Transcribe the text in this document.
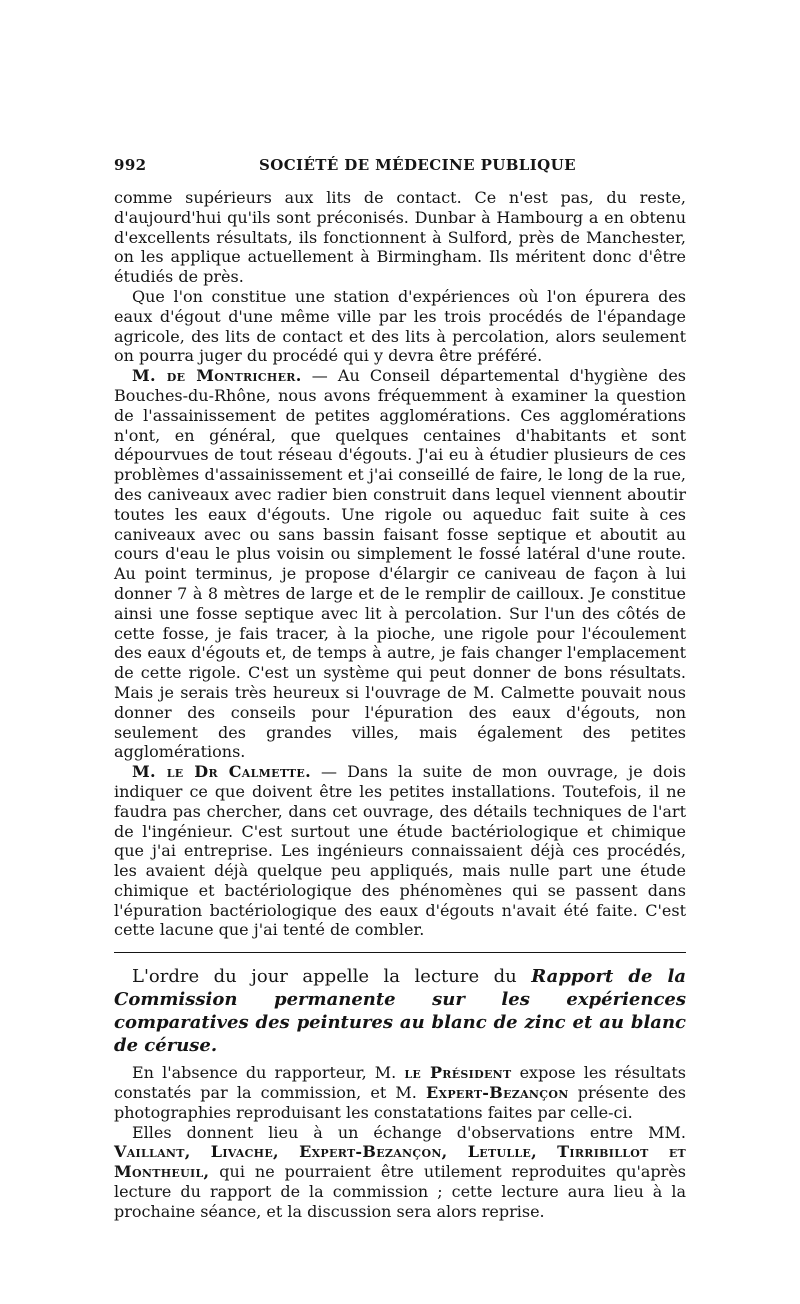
992	SOCIÉTÉ DE MÉDECINE PUBLIQUE

comme supérieurs aux lits de contact. Ce n'est pas, du reste, d'aujourd'hui qu'ils sont préconisés. Dunbar à Hambourg a en obtenu d'excellents résultats, ils fonctionnent à Sulford, près de Manchester, on les applique actuellement à Birmingham. Ils méritent donc d'être étudiés de près.

Que l'on constitue une station d'expériences où l'on épurera des eaux d'égout d'une même ville par les trois procédés de l'épandage agricole, des lits de contact et des lits à percolation, alors seulement on pourra juger du procédé qui y devra être préféré.

M. de Montricher. — Au Conseil départemental d'hygiène des Bouches-du-Rhône, nous avons fréquemment à examiner la question de l'assainissement de petites agglomérations. Ces agglomérations n'ont, en général, que quelques centaines d'habitants et sont dépourvues de tout réseau d'égouts. J'ai eu à étudier plusieurs de ces problèmes d'assainissement et j'ai conseillé de faire, le long de la rue, des caniveaux avec radier bien construit dans lequel viennent aboutir toutes les eaux d'égouts. Une rigole ou aqueduc fait suite à ces caniveaux avec ou sans bassin faisant fosse septique et aboutit au cours d'eau le plus voisin ou simplement le fossé latéral d'une route. Au point terminus, je propose d'élargir ce caniveau de façon à lui donner 7 à 8 mètres de large et de le remplir de cailloux. Je constitue ainsi une fosse septique avec lit à percolation. Sur l'un des côtés de cette fosse, je fais tracer, à la pioche, une rigole pour l'écoulement des eaux d'égouts et, de temps à autre, je fais changer l'emplacement de cette rigole. C'est un système qui peut donner de bons résultats. Mais je serais très heureux si l'ouvrage de M. Calmette pouvait nous donner des conseils pour l'épuration des eaux d'égouts, non seulement des grandes villes, mais également des petites agglomérations.

M. le Dr Calmette. — Dans la suite de mon ouvrage, je dois indiquer ce que doivent être les petites installations. Toutefois, il ne faudra pas chercher, dans cet ouvrage, des détails techniques de l'art de l'ingénieur. C'est surtout une étude bactériologique et chimique que j'ai entreprise. Les ingénieurs connaissaient déjà ces procédés, les avaient déjà quelque peu appliqués, mais nulle part une étude chimique et bactériologique des phénomènes qui se passent dans l'épuration bactériologique des eaux d'égouts n'avait été faite. C'est cette lacune que j'ai tenté de combler.

L'ordre du jour appelle la lecture du Rapport de la Commission permanente sur les expériences comparatives des peintures au blanc de zinc et au blanc de céruse.

En l'absence du rapporteur, M. le Président expose les résultats constatés par la commission, et M. Expert-Bezançon présente des photographies reproduisant les constatations faites par celle-ci.

Elles donnent lieu à un échange d'observations entre MM. Vaillant, Livache, Expert-Bezançon, Letulle, Tirribillot et Montheuil, qui ne pourraient être utilement reproduites qu'après lecture du rapport de la commission ; cette lecture aura lieu à la prochaine séance, et la discussion sera alors reprise.
